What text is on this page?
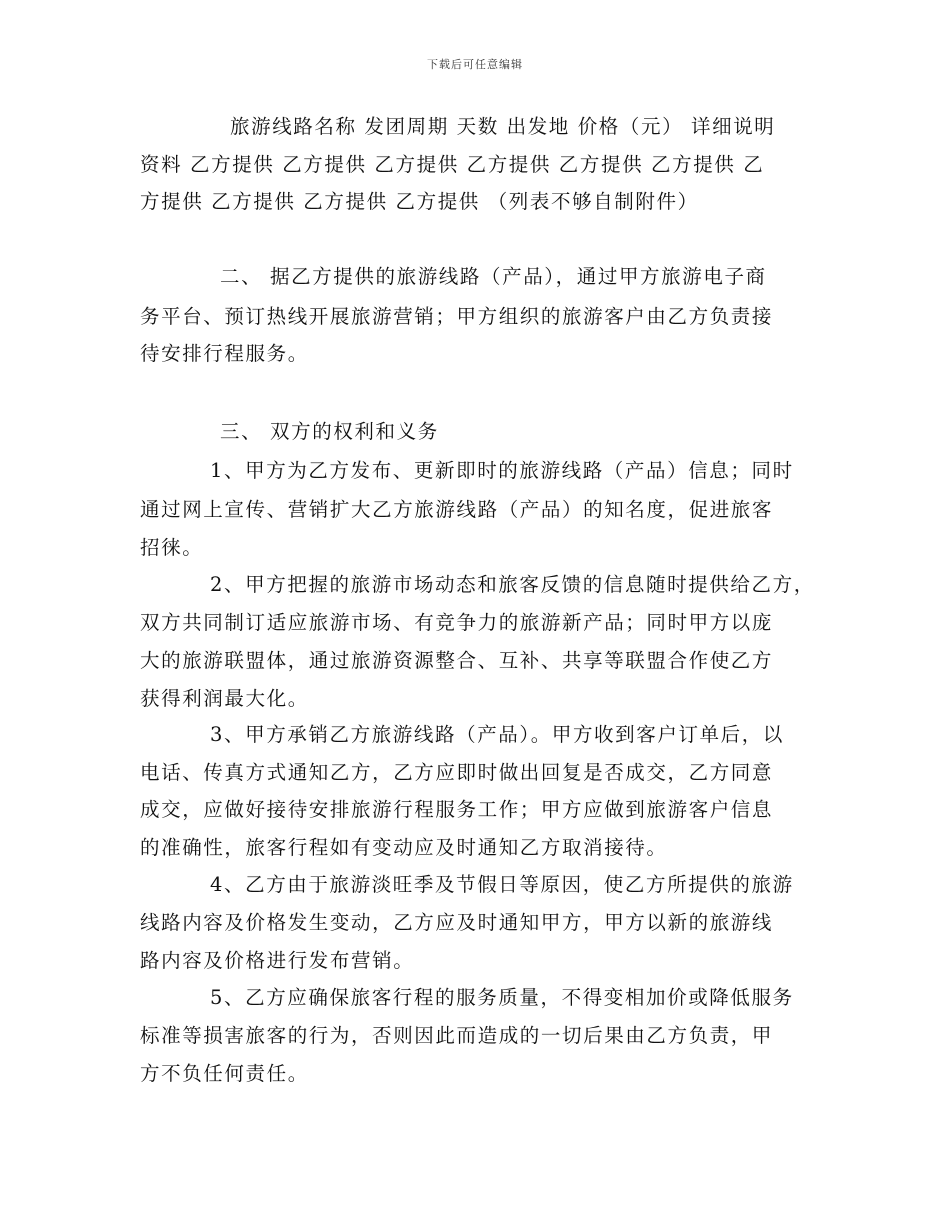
下载后可任意编辑
旅游线路名称 发团周期 天数 出发地 价格（元） 详细说明
资料 乙方提供 乙方提供 乙方提供 乙方提供 乙方提供 乙方提供 乙
方提供 乙方提供 乙方提供 乙方提供 （列表不够自制附件）
二、 据乙方提供的旅游线路（产品），通过甲方旅游电子商
务平台、预订热线开展旅游营销；甲方组织的旅游客户由乙方负责接
待安排行程服务。
三、 双方的权利和义务
1、甲方为乙方发布、更新即时的旅游线路（产品）信息；同时
通过网上宣传、营销扩大乙方旅游线路（产品）的知名度，促进旅客
招徕。
2、甲方把握的旅游市场动态和旅客反馈的信息随时提供给乙方，
双方共同制订适应旅游市场、有竞争力的旅游新产品；同时甲方以庞
大的旅游联盟体，通过旅游资源整合、互补、共享等联盟合作使乙方
获得利润最大化。
3、甲方承销乙方旅游线路（产品）。甲方收到客户订单后，以
电话、传真方式通知乙方，乙方应即时做出回复是否成交，乙方同意
成交，应做好接待安排旅游行程服务工作；甲方应做到旅游客户信息
的准确性，旅客行程如有变动应及时通知乙方取消接待。
4、乙方由于旅游淡旺季及节假日等原因，使乙方所提供的旅游
线路内容及价格发生变动，乙方应及时通知甲方，甲方以新的旅游线
路内容及价格进行发布营销。
5、乙方应确保旅客行程的服务质量，不得变相加价或降低服务
标准等损害旅客的行为，否则因此而造成的一切后果由乙方负责，甲
方不负任何责任。
